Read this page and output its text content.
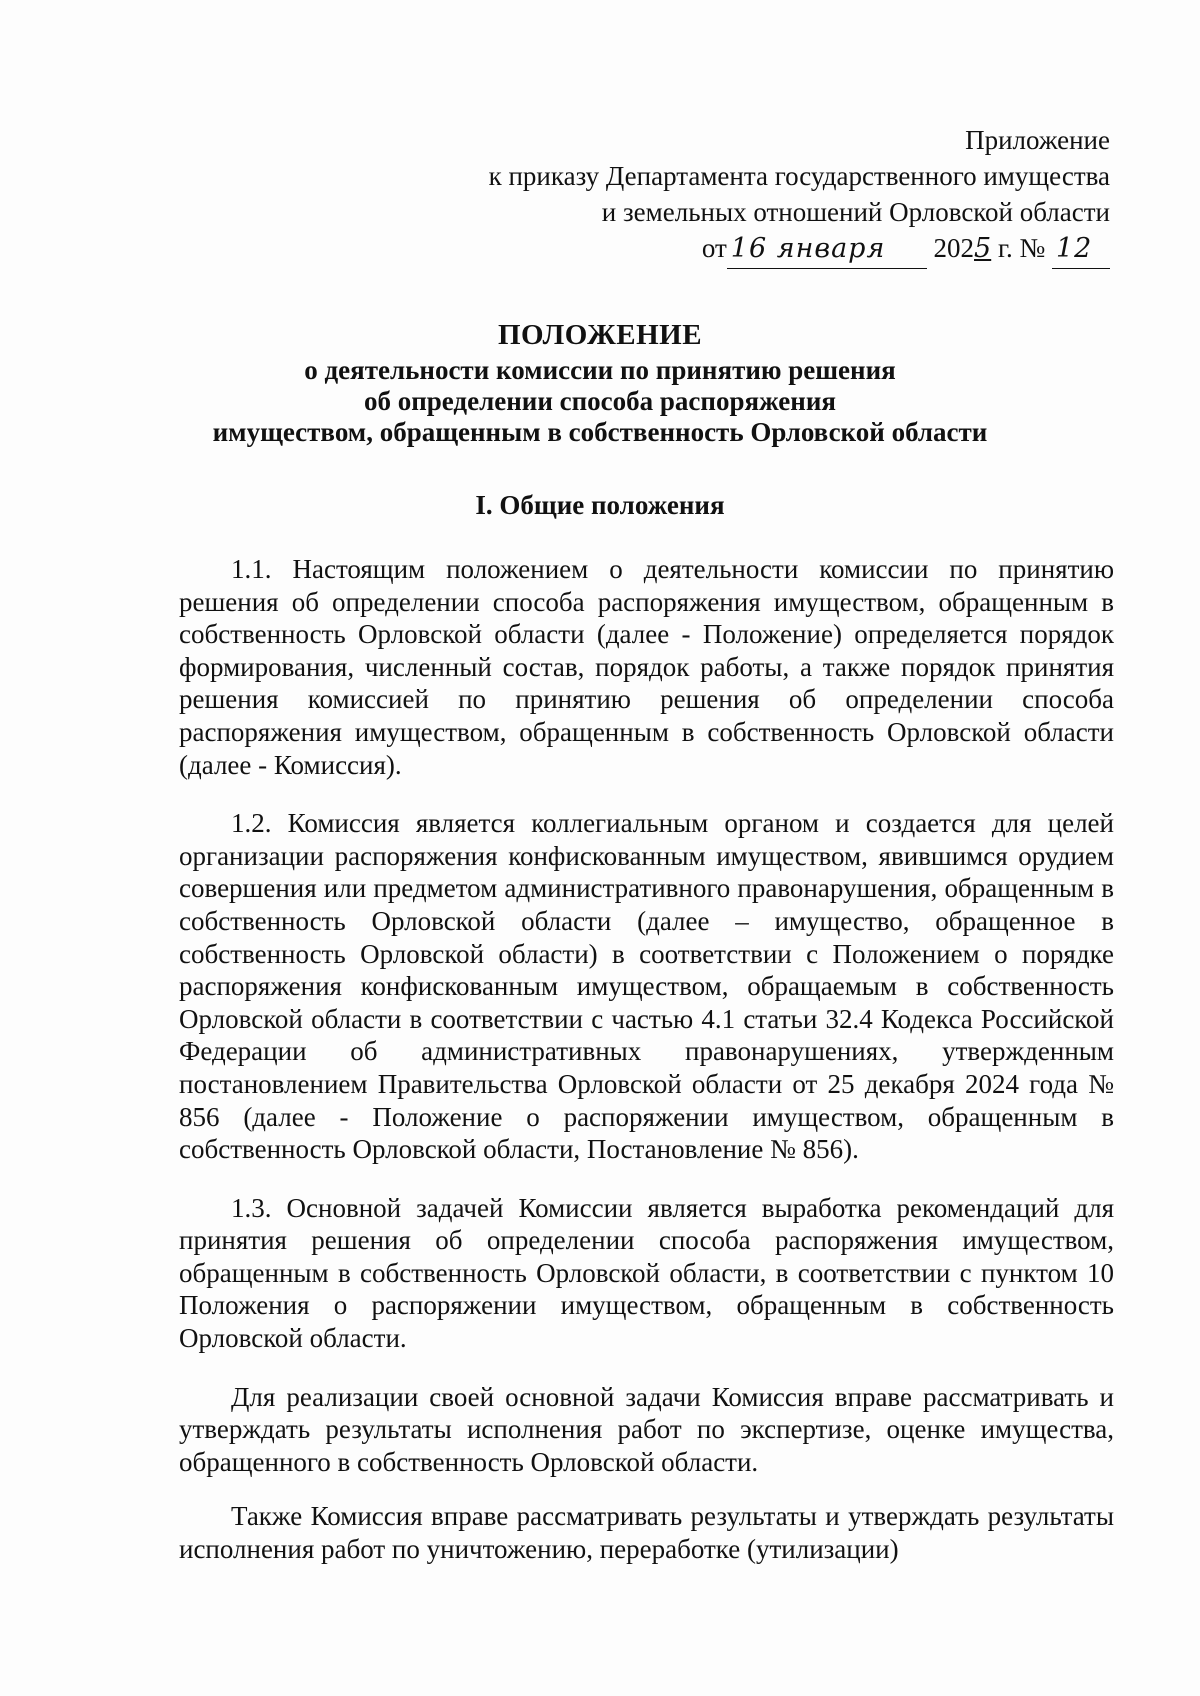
Приложение
к приказу Департамента государственного имущества
и земельных отношений Орловской области
от 16 января
	202 5
г. №
12
ПОЛОЖЕНИЕ
о деятельности комиссии по принятию решения
об определении способа распоряжения
имуществом, обращенным в собственность Орловской области
I. Общие положения

1.1. Настоящим положением о деятельности комиссии по принятию решения об определении способа распоряжения имуществом, обращенным в собственность Орловской области (далее - Положение) определяется порядок формирования, численный состав, порядок работы, а также порядок принятия решения комиссией по принятию решения об определении способа распоряжения имуществом, обращенным в собственность Орловской области (далее - Комиссия).

1.2. Комиссия является коллегиальным органом и создается для целей организации распоряжения конфискованным имуществом, явившимся орудием совершения или предметом административного правонарушения, обращенным в собственность Орловской области (далее – имущество, обращенное в собственность Орловской области) в соответствии с Положением о порядке распоряжения конфискованным имуществом, обращаемым в собственность Орловской области в соответствии с частью 4.1 статьи 32.4 Кодекса Российской Федерации об административных правонарушениях, утвержденным постановлением Правительства Орловской области от 25 декабря 2024 года № 856 (далее - Положение о распоряжении имуществом, обращенным в собственность Орловской области, Постановление № 856).

1.3. Основной задачей Комиссии является выработка рекомендаций для принятия решения об определении способа распоряжения имуществом, обращенным в собственность Орловской области, в соответствии с пунктом 10 Положения о распоряжении имуществом, обращенным в собственность Орловской области.

Для реализации своей основной задачи Комиссия вправе рассматривать и утверждать результаты исполнения работ по экспертизе, оценке имущества, обращенного в собственность Орловской области.

Также Комиссия вправе рассматривать результаты и утверждать результаты исполнения работ по уничтожению, переработке (утилизации)
